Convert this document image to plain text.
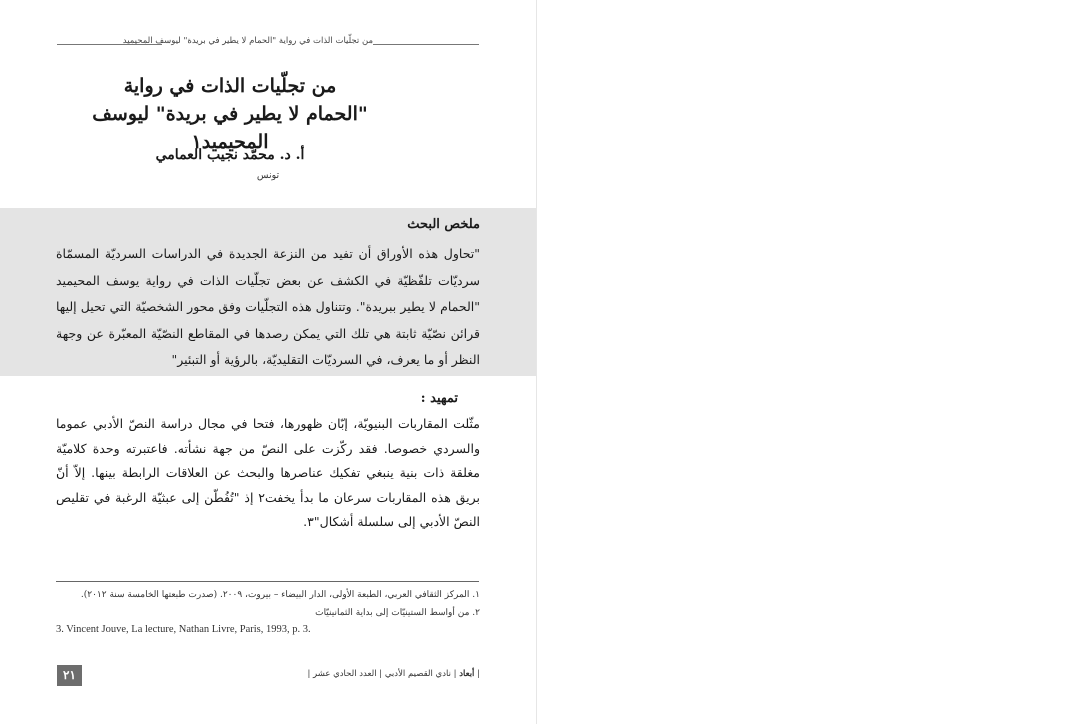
من تجلّيات الذات في رواية "الحمام لا يطير في بريدة" ليوسف المحيميد
من تجلّيات الذات في رواية
"الحمام لا يطير في بريدة" ليوسف المحيميد١
أ. د. محمّد نجيب العمامي
تونس
ملخص البحث
"تحاول هذه الأوراق أن تفيد من النزعة الجديدة في الدراسات السرديّة المسمّاة سرديّات تلفّظيّة في الكشف عن بعض تجلّيات الذات في رواية يوسف المحيميد "الحمام لا يطير ببريدة". وتتناول هذه التجلّيات وفق محور الشخصيّة التي تحيل إليها قرائن نصّيّة ثابتة هي تلك التي يمكن رصدها في المقاطع النصّيّة المعبّرة عن وجهة النظر أو ما يعرف، في السرديّات التقليديّة، بالرؤية أو التبئير"
تمهيد :
مثّلت المقاربات البنيويّة، إبّان ظهورها، فتحا في مجال دراسة النصّ الأدبي عموما والسردي خصوصا. فقد ركّزت على النصّ من جهة نشأته. فاعتبرته وحدة كلاميّة مغلقة ذات بنية ينبغي تفكيك عناصرها والبحث عن العلاقات الرابطة بينها. إلاّ أنّ بريق هذه المقاربات سرعان ما بدأ يخفت٢ إذ "تُفُطّن إلى عبثيّة الرغبة في تقليص النصّ الأدبي إلى سلسلة أشكال"٣.
١. المركز الثقافي العربي، الطبعة الأولى، الدار البيضاء – بيروت، ٢٠٠٩. (صدرت طبعتها الخامسة سنة ٢٠١٢).
٢. من أواسط الستينيّات إلى بداية الثمانينيّات
3. Vincent Jouve, La lecture, Nathan Livre, Paris, 1993, p. 3.
٢١	| أبعاد | نادي القصيم الأدبي | العدد الحادي عشر |
